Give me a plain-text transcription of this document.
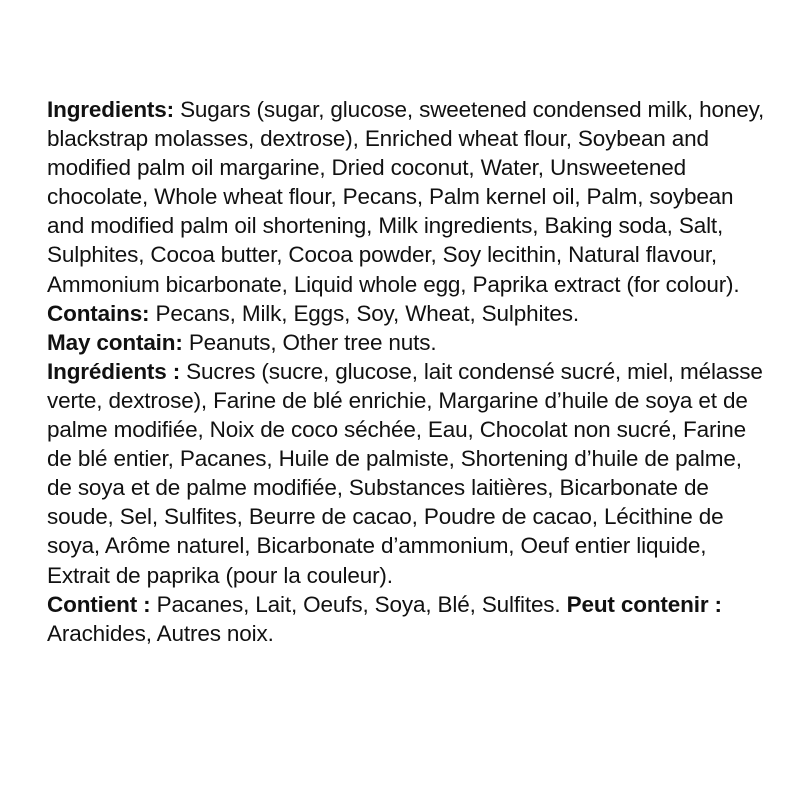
Ingredients: Sugars (sugar, glucose, sweetened condensed milk, honey, blackstrap molasses, dextrose), Enriched wheat flour, Soybean and modified palm oil margarine, Dried coconut, Water, Unsweetened chocolate, Whole wheat flour, Pecans, Palm kernel oil, Palm, soybean and modified palm oil shortening, Milk ingredients, Baking soda, Salt, Sulphites, Cocoa butter, Cocoa powder, Soy lecithin, Natural flavour, Ammonium bicarbonate, Liquid whole egg, Paprika extract (for colour). Contains: Pecans, Milk, Eggs, Soy, Wheat, Sulphites.

May contain: Peanuts, Other tree nuts.

Ingrédients : Sucres (sucre, glucose, lait condensé sucré, miel, mélasse verte, dextrose), Farine de blé enrichie, Margarine d’huile de soya et de palme modifiée, Noix de coco séchée, Eau, Chocolat non sucré, Farine de blé entier, Pacanes, Huile de palmiste, Shortening d’huile de palme, de soya et de palme modifiée, Substances laitières, Bicarbonate de soude, Sel, Sulfites, Beurre de cacao, Poudre de cacao, Lécithine de soya, Arôme naturel, Bicarbonate d’ammonium, Oeuf entier liquide, Extrait de paprika (pour la couleur).

Contient : Pacanes, Lait, Oeufs, Soya, Blé, Sulfites. Peut contenir : Arachides, Autres noix.
